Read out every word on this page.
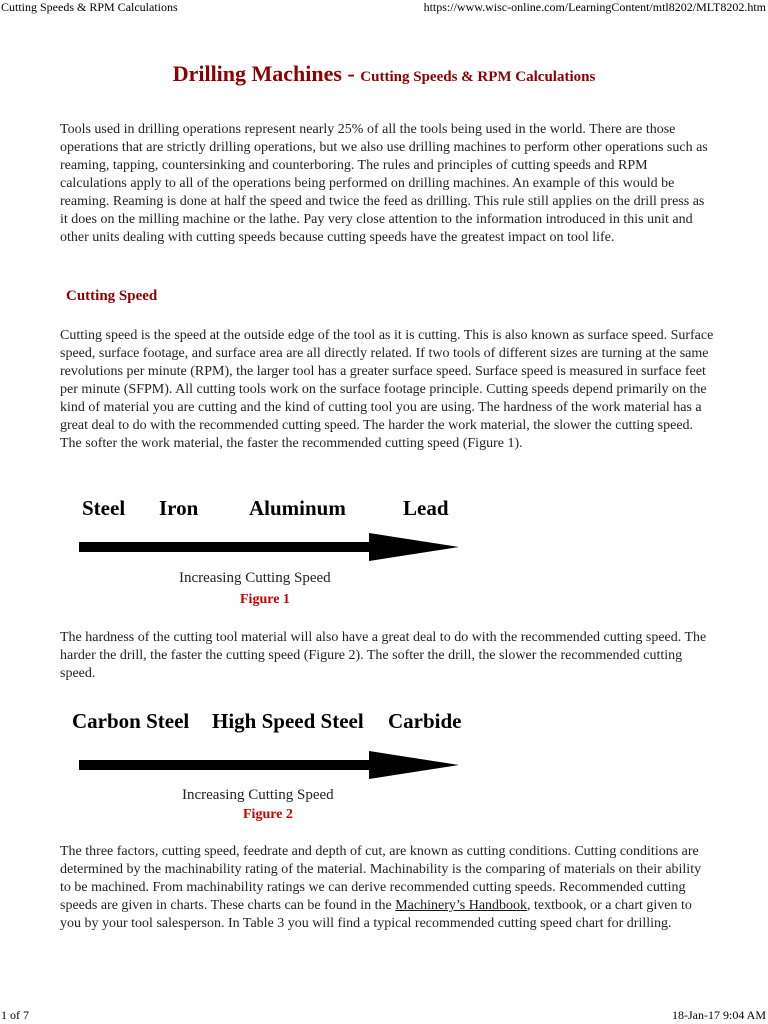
Cutting Speeds & RPM Calculations	https://www.wisc-online.com/LearningContent/mtl8202/MLT8202.htm
Drilling Machines - Cutting Speeds & RPM Calculations

Tools used in drilling operations represent nearly 25% of all the tools being used in the world. There are those operations that are strictly drilling operations, but we also use drilling machines to perform other operations such as reaming, tapping, countersinking and counterboring. The rules and principles of cutting speeds and RPM calculations apply to all of the operations being performed on drilling machines. An example of this would be reaming. Reaming is done at half the speed and twice the feed as drilling. This rule still applies on the drill press as it does on the milling machine or the lathe. Pay very close attention to the information introduced in this unit and other units dealing with cutting speeds because cutting speeds have the greatest impact on tool life.

Cutting Speed

Cutting speed is the speed at the outside edge of the tool as it is cutting. This is also known as surface speed. Surface speed, surface footage, and surface area are all directly related. If two tools of different sizes are turning at the same revolutions per minute (RPM), the larger tool has a greater surface speed. Surface speed is measured in surface feet per minute (SFPM). All cutting tools work on the surface footage principle. Cutting speeds depend primarily on the kind of material you are cutting and the kind of cutting tool you are using. The hardness of the work material has a great deal to do with the recommended cutting speed. The harder the work material, the slower the cutting speed. The softer the work material, the faster the recommended cutting speed (Figure 1).

Steel Iron Aluminum	Lead
Increasing Cutting Speed
Figure 1

The hardness of the cutting tool material will also have a great deal to do with the recommended cutting speed. The harder the drill, the faster the cutting speed (Figure 2). The softer the drill, the slower the recommended cutting speed.

Carbon Steel High Speed Steel Carbide
Increasing Cutting Speed
Figure 2

The three factors, cutting speed, feedrate and depth of cut, are known as cutting conditions. Cutting conditions are determined by the machinability rating of the material. Machinability is the comparing of materials on their ability to be machined. From machinability ratings we can derive recommended cutting speeds. Recommended cutting speeds are given in charts. These charts can be found in the Machinery’s Handbook, textbook, or a chart given to you by your tool salesperson. In Table 3 you will find a typical recommended cutting speed chart for drilling.

1 of 7	18-Jan-17 9:04 AM
